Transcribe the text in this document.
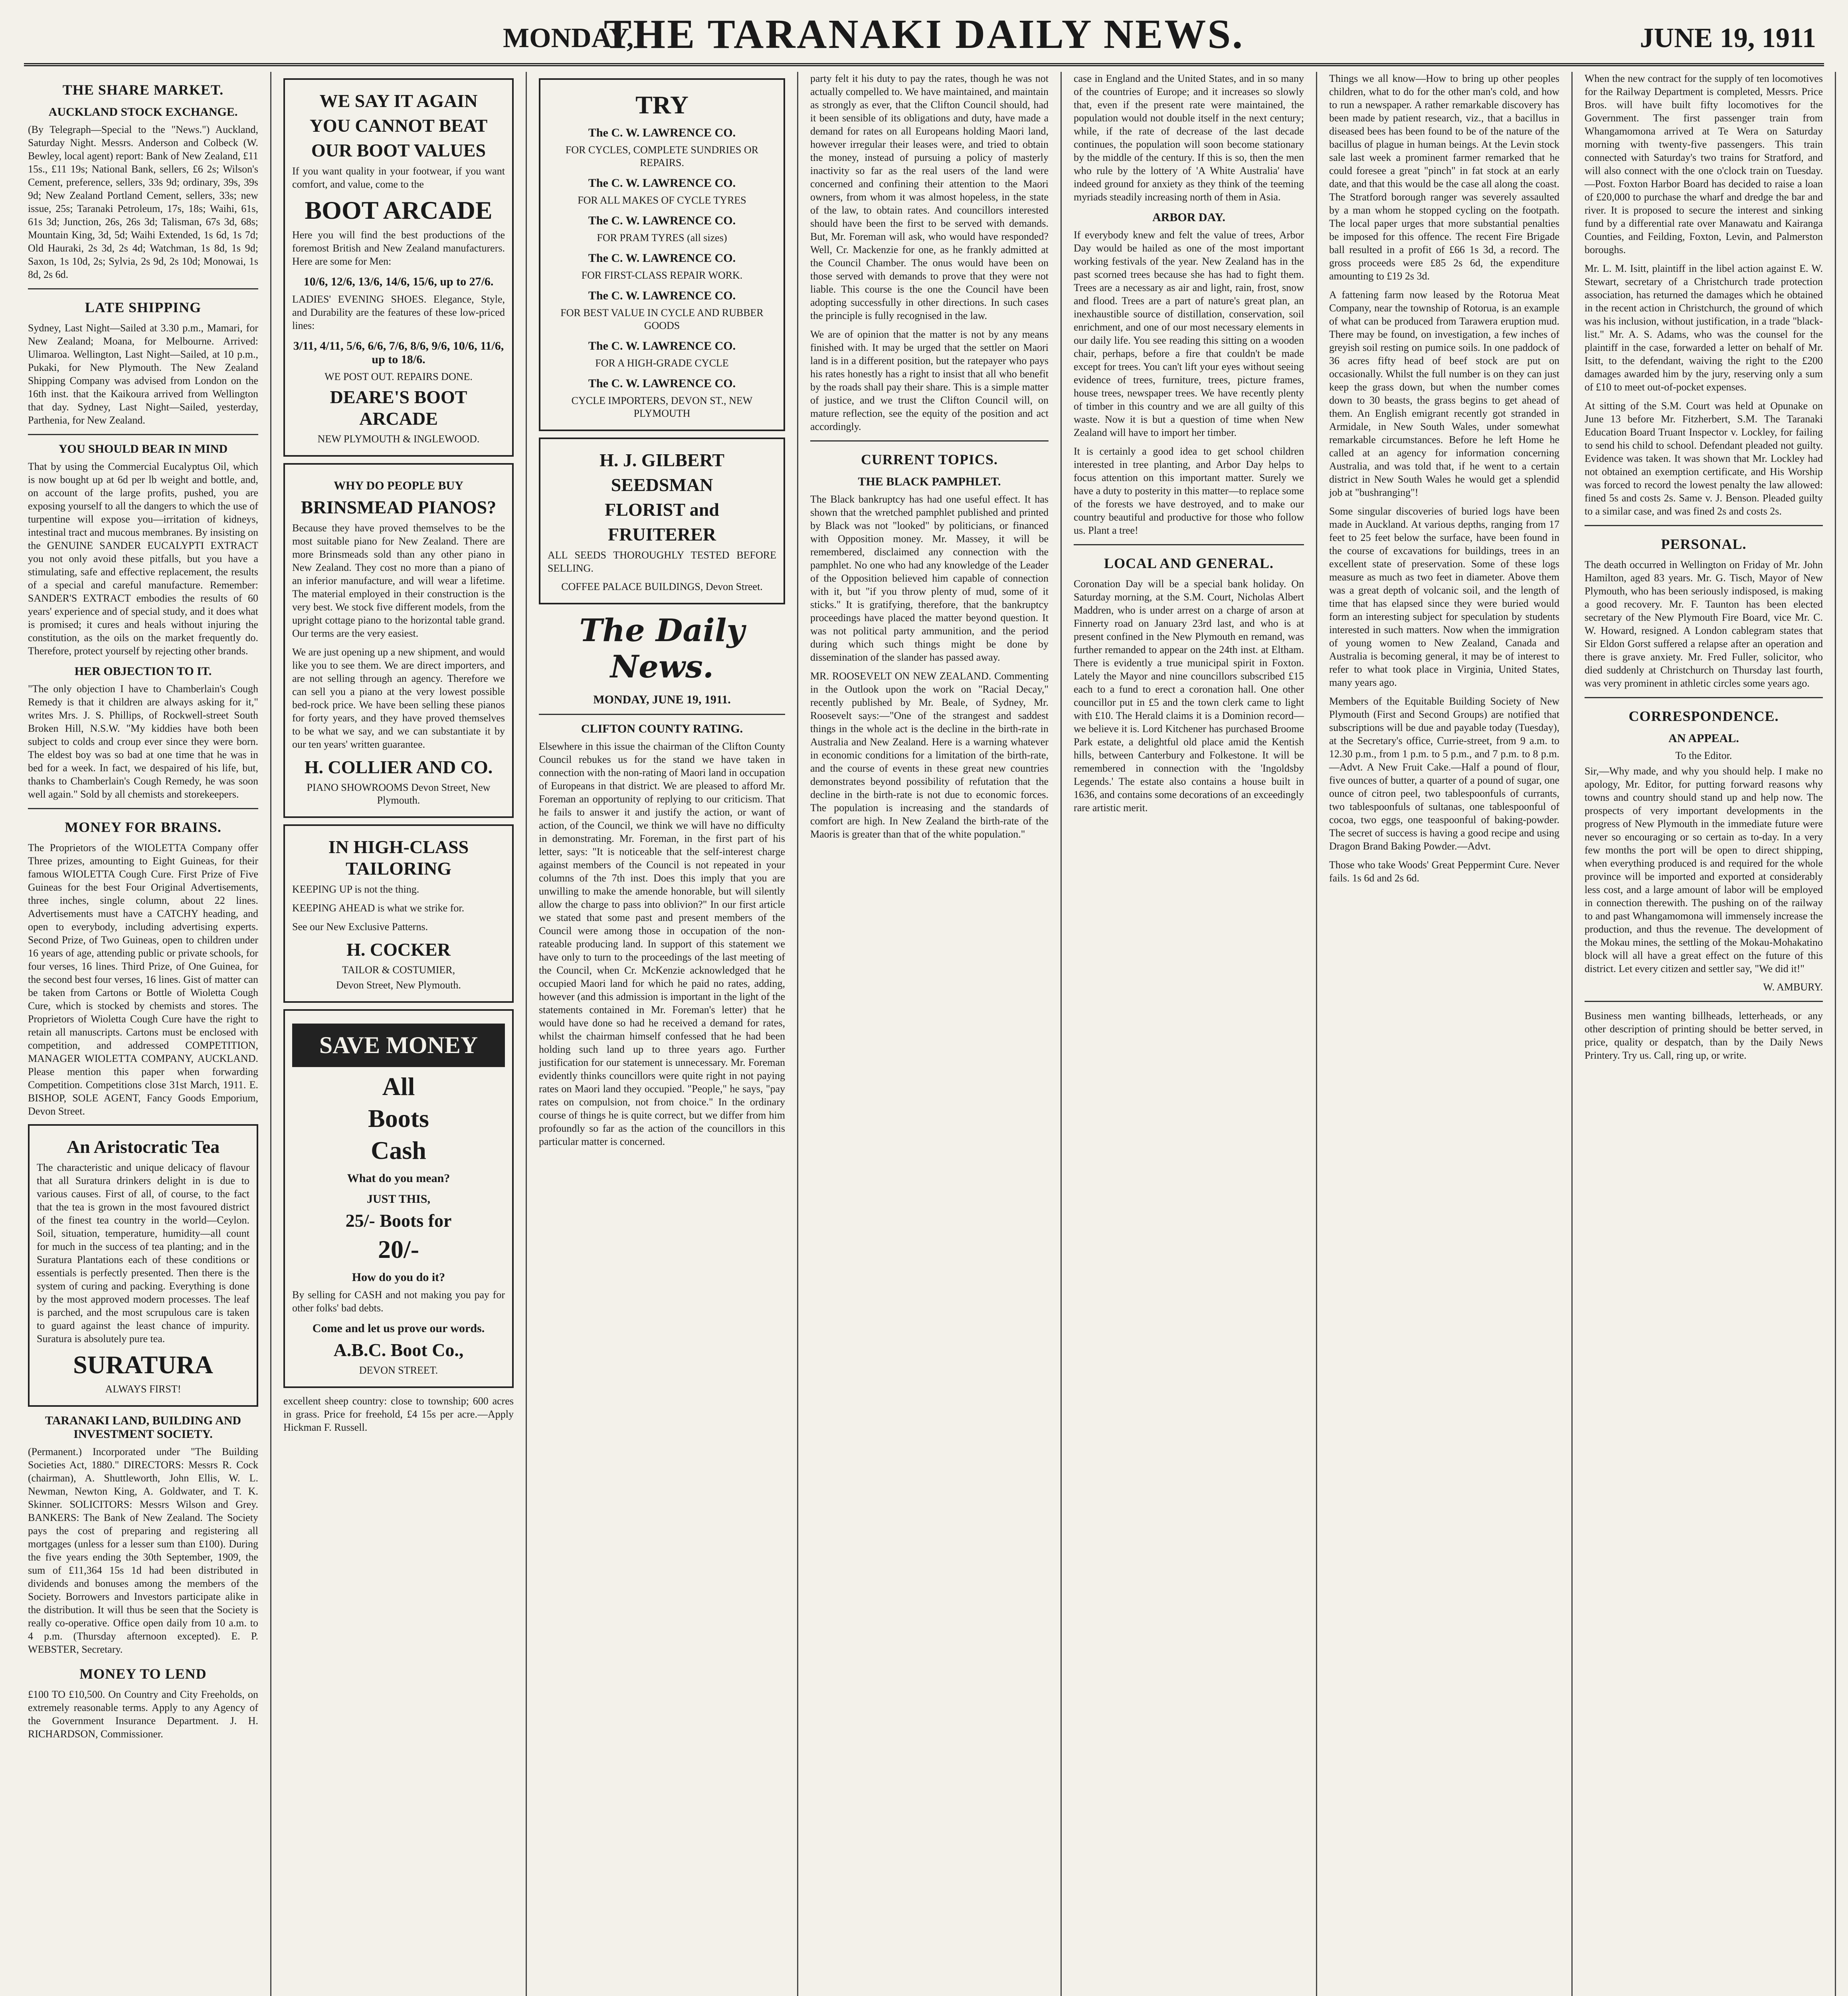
MONDAY,
THE TARANAKI DAILY NEWS.	JUNE 19, 1911
THE SHARE MARKET.
AUCKLAND STOCK EXCHANGE.

(By Telegraph—Special to the "News.") Auckland, Saturday Night. Messrs. Anderson and Colbeck (W. Bewley, local agent) report: Bank of New Zealand, £11 15s., £11 19s; National Bank, sellers, £6 2s; Wilson's Cement, preference, sellers, 33s 9d; ordinary, 39s, 39s 9d; New Zealand Portland Cement, sellers, 33s; new issue, 25s; Taranaki Petroleum, 17s, 18s; Waihi, 61s, 61s 3d; Junction, 26s, 26s 3d; Talisman, 67s 3d, 68s; Mountain King, 3d, 5d; Waihi Extended, 1s 6d, 1s 7d; Old Hauraki, 2s 3d, 2s 4d; Watchman, 1s 8d, 1s 9d; Saxon, 1s 10d, 2s; Sylvia, 2s 9d, 2s 10d; Monowai, 1s 8d, 2s 6d.

LATE SHIPPING

Sydney, Last Night—Sailed at 3.30 p.m., Mamari, for New Zealand; Moana, for Melbourne. Arrived: Ulimaroa. Wellington, Last Night—Sailed, at 10 p.m., Pukaki, for New Plymouth. The New Zealand Shipping Company was advised from London on the 16th inst. that the Kaikoura arrived from Wellington that day. Sydney, Last Night—Sailed, yesterday, Parthenia, for New Zealand.

YOU SHOULD BEAR IN MIND

That by using the Commercial Eucalyptus Oil, which is now bought up at 6d per lb weight and bottle, and, on account of the large profits, pushed, you are exposing yourself to all the dangers to which the use of turpentine will expose you—irritation of kidneys, intestinal tract and mucous membranes. By insisting on the GENUINE SANDER EUCALYPTI EXTRACT you not only avoid these pitfalls, but you have a stimulating, safe and effective replacement, the results of a special and careful manufacture. Remember: SANDER'S EXTRACT embodies the results of 60 years' experience and of special study, and it does what is promised; it cures and heals without injuring the constitution, as the oils on the market frequently do. Therefore, protect yourself by rejecting other brands.

HER OBJECTION TO IT.

"The only objection I have to Chamberlain's Cough Remedy is that it children are always asking for it," writes Mrs. J. S. Phillips, of Rockwell-street South Broken Hill, N.S.W. "My kiddies have both been subject to colds and croup ever since they were born. The eldest boy was so bad at one time that he was in bed for a week. In fact, we despaired of his life, but, thanks to Chamberlain's Cough Remedy, he was soon well again." Sold by all chemists and storekeepers.

MONEY FOR BRAINS.

The Proprietors of the WIOLETTA Company offer Three prizes, amounting to Eight Guineas, for their famous WIOLETTA Cough Cure. First Prize of Five Guineas for the best Four Original Advertisements, three inches, single column, about 22 lines. Advertisements must have a CATCHY heading, and open to everybody, including advertising experts. Second Prize, of Two Guineas, open to children under 16 years of age, attending public or private schools, for four verses, 16 lines. Third Prize, of One Guinea, for the second best four verses, 16 lines. Gist of matter can be taken from Cartons or Bottle of Wioletta Cough Cure, which is stocked by chemists and stores. The Proprietors of Wioletta Cough Cure have the right to retain all manuscripts. Cartons must be enclosed with competition, and addressed COMPETITION, MANAGER WIOLETTA COMPANY, AUCKLAND. Please mention this paper when forwarding Competition. Competitions close 31st March, 1911. E. BISHOP, SOLE AGENT, Fancy Goods Emporium, Devon Street.

An Aristocratic Tea

The characteristic and unique delicacy of flavour that all Suratura drinkers delight in is due to various causes. First of all, of course, to the fact that the tea is grown in the most favoured district of the finest tea country in the world—Ceylon. Soil, situation, temperature, humidity—all count for much in the success of tea planting; and in the Suratura Plantations each of these conditions or essentials is perfectly presented. Then there is the system of curing and packing. Everything is done by the most approved modern processes. The leaf is parched, and the most scrupulous care is taken to guard against the least chance of impurity. Suratura is absolutely pure tea.

SURATURA
ALWAYS FIRST!
TARANAKI LAND, BUILDING AND INVESTMENT SOCIETY.

(Permanent.) Incorporated under "The Building Societies Act, 1880." DIRECTORS: Messrs R. Cock (chairman), A. Shuttleworth, John Ellis, W. L. Newman, Newton King, A. Goldwater, and T. K. Skinner. SOLICITORS: Messrs Wilson and Grey. BANKERS: The Bank of New Zealand. The Society pays the cost of preparing and registering all mortgages (unless for a lesser sum than £100). During the five years ending the 30th September, 1909, the sum of £11,364 15s 1d had been distributed in dividends and bonuses among the members of the Society. Borrowers and Investors participate alike in the distribution. It will thus be seen that the Society is really co-operative. Office open daily from 10 a.m. to 4 p.m. (Thursday afternoon excepted). E. P. WEBSTER, Secretary.

MONEY TO LEND

£100 TO £10,500. On Country and City Freeholds, on extremely reasonable terms. Apply to any Agency of the Government Insurance Department. J. H. RICHARDSON, Commissioner.

WE SAY IT AGAIN
YOU CANNOT BEAT
OUR BOOT VALUES

If you want quality in your footwear, if you want comfort, and value, come to the

BOOT ARCADE

Here you will find the best productions of the foremost British and New Zealand manufacturers. Here are some for Men:

10/6, 12/6, 13/6, 14/6, 15/6, up to 27/6.

LADIES' EVENING SHOES. Elegance, Style, and Durability are the features of these low-priced lines:

3/11, 4/11, 5/6, 6/6, 7/6, 8/6, 9/6, 10/6, 11/6, up to 18/6.
WE POST OUT. REPAIRS DONE.
DEARE'S BOOT ARCADE
NEW PLYMOUTH & INGLEWOOD.
WHY DO PEOPLE BUY
BRINSMEAD PIANOS?

Because they have proved themselves to be the most suitable piano for New Zealand. There are more Brinsmeads sold than any other piano in New Zealand. They cost no more than a piano of an inferior manufacture, and will wear a lifetime. The material employed in their construction is the very best. We stock five different models, from the upright cottage piano to the horizontal table grand. Our terms are the very easiest.

We are just opening up a new shipment, and would like you to see them. We are direct importers, and are not selling through an agency. Therefore we can sell you a piano at the very lowest possible bed-rock price. We have been selling these pianos for forty years, and they have proved themselves to be what we say, and we can substantiate it by our ten years' written guarantee.

H. COLLIER AND CO.
PIANO SHOWROOMS Devon Street, New Plymouth.
IN HIGH-CLASS TAILORING

KEEPING UP is not the thing.

KEEPING AHEAD is what we strike for.

See our New Exclusive Patterns.

H. COCKER
TAILOR & COSTUMIER,
Devon Street, New Plymouth.
SAVE MONEY
All
Boots
Cash
What do you mean?
JUST THIS,
25/- Boots for
20/-
How do you do it?

By selling for CASH and not making you pay for other folks' bad debts.

Come and let us prove our words.
A.B.C. Boot Co.,
DEVON STREET.

excellent sheep country: close to township; 600 acres in grass. Price for freehold, £4 15s per acre.—Apply Hickman F. Russell.

TRY
The C. W. LAWRENCE CO.
FOR CYCLES, COMPLETE SUNDRIES OR REPAIRS.
The C. W. LAWRENCE CO.
FOR ALL MAKES OF CYCLE TYRES
The C. W. LAWRENCE CO.
FOR PRAM TYRES (all sizes)
The C. W. LAWRENCE CO.
FOR FIRST-CLASS REPAIR WORK.
The C. W. LAWRENCE CO.
FOR BEST VALUE IN CYCLE AND RUBBER GOODS
The C. W. LAWRENCE CO.
FOR A HIGH-GRADE CYCLE
The C. W. LAWRENCE CO.
CYCLE IMPORTERS, DEVON ST., NEW PLYMOUTH
H. J. GILBERT
SEEDSMAN
FLORIST and
FRUITERER

ALL SEEDS THOROUGHLY TESTED BEFORE SELLING.

COFFEE PALACE BUILDINGS, Devon Street.
The Daily News.
MONDAY, JUNE 19, 1911.
CLIFTON COUNTY RATING.

Elsewhere in this issue the chairman of the Clifton County Council rebukes us for the stand we have taken in connection with the non-rating of Maori land in occupation of Europeans in that district. We are pleased to afford Mr. Foreman an opportunity of replying to our criticism. That he fails to answer it and justify the action, or want of action, of the Council, we think we will have no difficulty in demonstrating. Mr. Foreman, in the first part of his letter, says: "It is noticeable that the self-interest charge against members of the Council is not repeated in your columns of the 7th inst. Does this imply that you are unwilling to make the amende honorable, but will silently allow the charge to pass into oblivion?" In our first article we stated that some past and present members of the Council were among those in occupation of the non-rateable producing land. In support of this statement we have only to turn to the proceedings of the last meeting of the Council, when Cr. McKenzie acknowledged that he occupied Maori land for which he paid no rates, adding, however (and this admission is important in the light of the statements contained in Mr. Foreman's letter) that he would have done so had he received a demand for rates, whilst the chairman himself confessed that he had been holding such land up to three years ago. Further justification for our statement is unnecessary. Mr. Foreman evidently thinks councillors were quite right in not paying rates on Maori land they occupied. "People," he says, "pay rates on compulsion, not from choice." In the ordinary course of things he is quite correct, but we differ from him profoundly so far as the action of the councillors in this particular matter is concerned.

party felt it his duty to pay the rates, though he was not actually compelled to. We have maintained, and maintain as strongly as ever, that the Clifton Council should, had it been sensible of its obligations and duty, have made a demand for rates on all Europeans holding Maori land, however irregular their leases were, and tried to obtain the money, instead of pursuing a policy of masterly inactivity so far as the real users of the land were concerned and confining their attention to the Maori owners, from whom it was almost hopeless, in the state of the law, to obtain rates. And councillors interested should have been the first to be served with demands. But, Mr. Foreman will ask, who would have responded? Well, Cr. Mackenzie for one, as he frankly admitted at the Council Chamber. The onus would have been on those served with demands to prove that they were not liable. This course is the one the Council have been adopting successfully in other directions. In such cases the principle is fully recognised in the law.

We are of opinion that the matter is not by any means finished with. It may be urged that the settler on Maori land is in a different position, but the ratepayer who pays his rates honestly has a right to insist that all who benefit by the roads shall pay their share. This is a simple matter of justice, and we trust the Clifton Council will, on mature reflection, see the equity of the position and act accordingly.

CURRENT TOPICS.
THE BLACK PAMPHLET.

The Black bankruptcy has had one useful effect. It has shown that the wretched pamphlet published and printed by Black was not "looked" by politicians, or financed with Opposition money. Mr. Massey, it will be remembered, disclaimed any connection with the pamphlet. No one who had any knowledge of the Leader of the Opposition believed him capable of connection with it, but "if you throw plenty of mud, some of it sticks." It is gratifying, therefore, that the bankruptcy proceedings have placed the matter beyond question. It was not political party ammunition, and the period during which such things might be done by dissemination of the slander has passed away.

MR. ROOSEVELT ON NEW ZEALAND. Commenting in the Outlook upon the work on "Racial Decay," recently published by Mr. Beale, of Sydney, Mr. Roosevelt says:—"One of the strangest and saddest things in the whole act is the decline in the birth-rate in Australia and New Zealand. Here is a warning whatever in economic conditions for a limitation of the birth-rate, and the course of events in these great new countries demonstrates beyond possibility of refutation that the decline in the birth-rate is not due to economic forces. The population is increasing and the standards of comfort are high. In New Zealand the birth-rate of the Maoris is greater than that of the white population."

case in England and the United States, and in so many of the countries of Europe; and it increases so slowly that, even if the present rate were maintained, the population would not double itself in the next century; while, if the rate of decrease of the last decade continues, the population will soon become stationary by the middle of the century. If this is so, then the men who rule by the lottery of 'A White Australia' have indeed ground for anxiety as they think of the teeming myriads steadily increasing north of them in Asia.

ARBOR DAY.

If everybody knew and felt the value of trees, Arbor Day would be hailed as one of the most important working festivals of the year. New Zealand has in the past scorned trees because she has had to fight them. Trees are a necessary as air and light, rain, frost, snow and flood. Trees are a part of nature's great plan, an inexhaustible source of distillation, conservation, soil enrichment, and one of our most necessary elements in our daily life. You see reading this sitting on a wooden chair, perhaps, before a fire that couldn't be made except for trees. You can't lift your eyes without seeing evidence of trees, furniture, trees, picture frames, house trees, newspaper trees. We have recently plenty of timber in this country and we are all guilty of this waste. Now it is but a question of time when New Zealand will have to import her timber.

It is certainly a good idea to get school children interested in tree planting, and Arbor Day helps to focus attention on this important matter. Surely we have a duty to posterity in this matter—to replace some of the forests we have destroyed, and to make our country beautiful and productive for those who follow us. Plant a tree!

LOCAL AND GENERAL.

Coronation Day will be a special bank holiday. On Saturday morning, at the S.M. Court, Nicholas Albert Maddren, who is under arrest on a charge of arson at Finnerty road on January 23rd last, and who is at present confined in the New Plymouth en remand, was further remanded to appear on the 24th inst. at Eltham. There is evidently a true municipal spirit in Foxton. Lately the Mayor and nine councillors subscribed £15 each to a fund to erect a coronation hall. One other councillor put in £5 and the town clerk came to light with £10. The Herald claims it is a Dominion record—we believe it is. Lord Kitchener has purchased Broome Park estate, a delightful old place amid the Kentish hills, between Canterbury and Folkestone. It will be remembered in connection with the 'Ingoldsby Legends.' The estate also contains a house built in 1636, and contains some decorations of an exceedingly rare artistic merit.

Things we all know—How to bring up other peoples children, what to do for the other man's cold, and how to run a newspaper. A rather remarkable discovery has been made by patient research, viz., that a bacillus in diseased bees has been found to be of the nature of the bacillus of plague in human beings. At the Levin stock sale last week a prominent farmer remarked that he could foresee a great "pinch" in fat stock at an early date, and that this would be the case all along the coast. The Stratford borough ranger was severely assaulted by a man whom he stopped cycling on the footpath. The local paper urges that more substantial penalties be imposed for this offence. The recent Fire Brigade ball resulted in a profit of £66 1s 3d, a record. The gross proceeds were £85 2s 6d, the expenditure amounting to £19 2s 3d.

A fattening farm now leased by the Rotorua Meat Company, near the township of Rotorua, is an example of what can be produced from Tarawera eruption mud. There may be found, on investigation, a few inches of greyish soil resting on pumice soils. In one paddock of 36 acres fifty head of beef stock are put on occasionally. Whilst the full number is on they can just keep the grass down, but when the number comes down to 30 beasts, the grass begins to get ahead of them. An English emigrant recently got stranded in Armidale, in New South Wales, under somewhat remarkable circumstances. Before he left Home he called at an agency for information concerning Australia, and was told that, if he went to a certain district in New South Wales he would get a splendid job at "bushranging"!

Some singular discoveries of buried logs have been made in Auckland. At various depths, ranging from 17 feet to 25 feet below the surface, have been found in the course of excavations for buildings, trees in an excellent state of preservation. Some of these logs measure as much as two feet in diameter. Above them was a great depth of volcanic soil, and the length of time that has elapsed since they were buried would form an interesting subject for speculation by students interested in such matters. Now when the immigration of young women to New Zealand, Canada and Australia is becoming general, it may be of interest to refer to what took place in Virginia, United States, many years ago.

Members of the Equitable Building Society of New Plymouth (First and Second Groups) are notified that subscriptions will be due and payable today (Tuesday), at the Secretary's office, Currie-street, from 9 a.m. to 12.30 p.m., from 1 p.m. to 5 p.m., and 7 p.m. to 8 p.m.—Advt. A New Fruit Cake.—Half a pound of flour, five ounces of butter, a quarter of a pound of sugar, one ounce of citron peel, two tablespoonfuls of currants, two tablespoonfuls of sultanas, one tablespoonful of cocoa, two eggs, one teaspoonful of baking-powder. The secret of success is having a good recipe and using Dragon Brand Baking Powder.—Advt.

Those who take Woods' Great Peppermint Cure. Never fails. 1s 6d and 2s 6d.

When the new contract for the supply of ten locomotives for the Railway Department is completed, Messrs. Price Bros. will have built fifty locomotives for the Government. The first passenger train from Whangamomona arrived at Te Wera on Saturday morning with twenty-five passengers. This train connected with Saturday's two trains for Stratford, and will also connect with the one o'clock train on Tuesday.—Post. Foxton Harbor Board has decided to raise a loan of £20,000 to purchase the wharf and dredge the bar and river. It is proposed to secure the interest and sinking fund by a differential rate over Manawatu and Kairanga Counties, and Feilding, Foxton, Levin, and Palmerston boroughs.

Mr. L. M. Isitt, plaintiff in the libel action against E. W. Stewart, secretary of a Christchurch trade protection association, has returned the damages which he obtained in the recent action in Christchurch, the ground of which was his inclusion, without justification, in a trade "black-list." Mr. A. S. Adams, who was the counsel for the plaintiff in the case, forwarded a letter on behalf of Mr. Isitt, to the defendant, waiving the right to the £200 damages awarded him by the jury, reserving only a sum of £10 to meet out-of-pocket expenses.

At sitting of the S.M. Court was held at Opunake on June 13 before Mr. Fitzherbert, S.M. The Taranaki Education Board Truant Inspector v. Lockley, for failing to send his child to school. Defendant pleaded not guilty. Evidence was taken. It was shown that Mr. Lockley had not obtained an exemption certificate, and His Worship was forced to record the lowest penalty the law allowed: fined 5s and costs 2s. Same v. J. Benson. Pleaded guilty to a similar case, and was fined 2s and costs 2s.

PERSONAL.

The death occurred in Wellington on Friday of Mr. John Hamilton, aged 83 years. Mr. G. Tisch, Mayor of New Plymouth, who has been seriously indisposed, is making a good recovery. Mr. F. Taunton has been elected secretary of the New Plymouth Fire Board, vice Mr. C. W. Howard, resigned. A London cablegram states that Sir Eldon Gorst suffered a relapse after an operation and there is grave anxiety. Mr. Fred Fuller, solicitor, who died suddenly at Christchurch on Thursday last fourth, was very prominent in athletic circles some years ago.

CORRESPONDENCE.
AN APPEAL.
To the Editor.

Sir,—Why made, and why you should help. I make no apology, Mr. Editor, for putting forward reasons why towns and country should stand up and help now. The prospects of very important developments in the progress of New Plymouth in the immediate future were never so encouraging or so certain as to-day. In a very few months the port will be open to direct shipping, when everything produced is and required for the whole province will be imported and exported at considerably less cost, and a large amount of labor will be employed in connection therewith. The pushing on of the railway to and past Whangamomona will immensely increase the production, and thus the revenue. The development of the Mokau mines, the settling of the Mokau-Mohakatino block will all have a great effect on the future of this district. Let every citizen and settler say, "We did it!"

W. AMBURY.

Business men wanting billheads, letterheads, or any other description of printing should be better served, in price, quality or despatch, than by the Daily News Printery. Try us. Call, ring up, or write.
